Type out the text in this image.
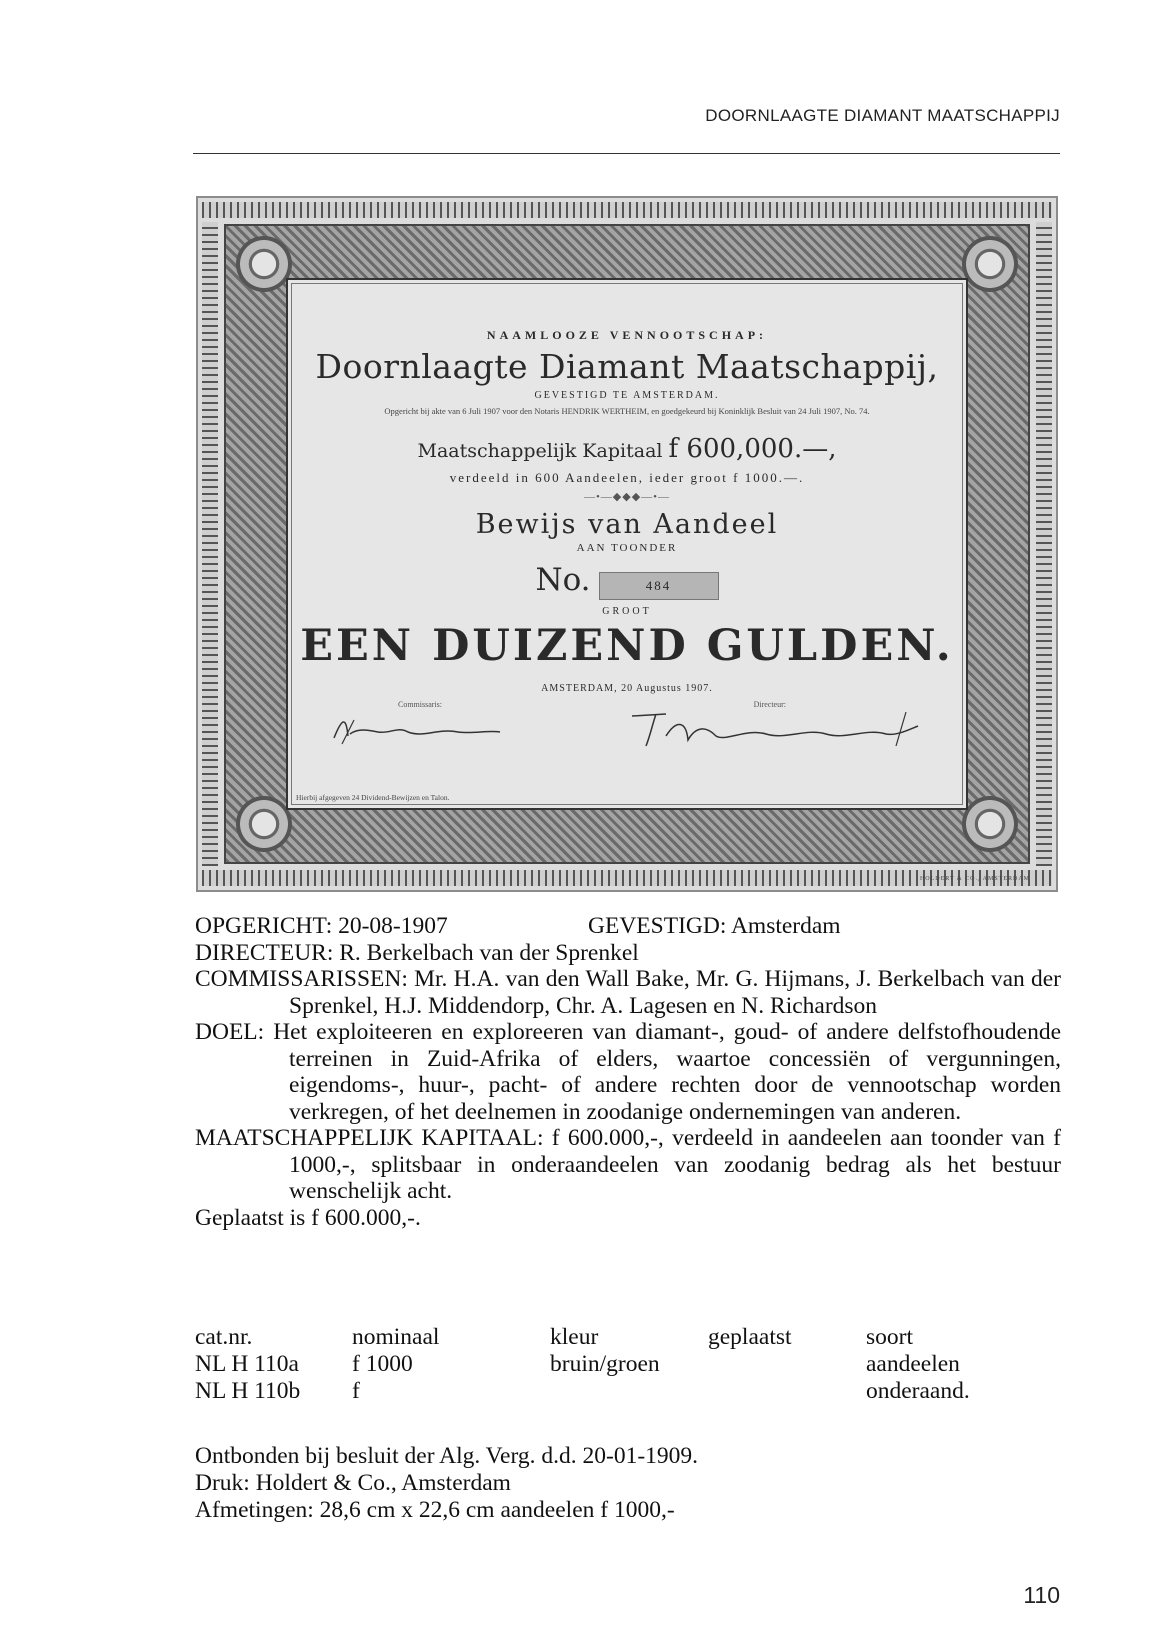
DOORNLAAGTE DIAMANT MAATSCHAPPIJ
NAAMLOOZE VENNOOTSCHAP:
Doornlaagte Diamant Maatschappij,
GEVESTIGD TE AMSTERDAM.
Opgericht bij akte van 6 Juli 1907 voor den Notaris HENDRIK WERTHEIM, en goedgekeurd bij Koninklijk Besluit van 24 Juli 1907, No. 74.
Maatschappelijk Kapitaal f 600,000.—,
verdeeld in 600 Aandeelen, ieder groot f 1000.—.
—•—◆◆◆—•—
Bewijs van Aandeel
AAN TOONDER
No.	484
GROOT
EEN DUIZEND GULDEN.
AMSTERDAM, 20 Augustus 1907.
Commissaris:	Directeur:
Hierbij afgegeven 24 Dividend-Bewijzen en Talon.
HOLDERT & CO., AMSTERDAM
OPGERICHT: 20-08-1907	GEVESTIGD: Amsterdam

DIRECTEUR: R. Berkelbach van der Sprenkel

COMMISSARISSEN: Mr. H.A. van den Wall Bake, Mr. G. Hijmans, J. Berkelbach van der Sprenkel, H.J. Middendorp, Chr. A. Lagesen en N. Richardson

DOEL: Het exploiteeren en exploreeren van diamant-, goud- of andere delfstofhoudende terreinen in Zuid-Afrika of elders, waartoe concessiën of vergunningen, eigendoms-, huur-, pacht- of andere rechten door de vennootschap worden verkregen, of het deelnemen in zoodanige ondernemingen van anderen.

MAATSCHAPPELIJK KAPITAAL: f 600.000,-, verdeeld in aandeelen aan toonder van f 1000,-, splitsbaar in onderaandeelen van zoodanig bedrag als het bestuur wenschelijk acht.

Geplaatst is f 600.000,-.

cat.nr.	nominaal	kleur	geplaatst	soort
NL H 110a	f 1000	bruin/groen		aandeelen
NL H 110b	f			onderaand.

Ontbonden bij besluit der Alg. Verg. d.d. 20-01-1909.

Druk: Holdert & Co., Amsterdam

Afmetingen: 28,6 cm x 22,6 cm aandeelen f 1000,-

110
